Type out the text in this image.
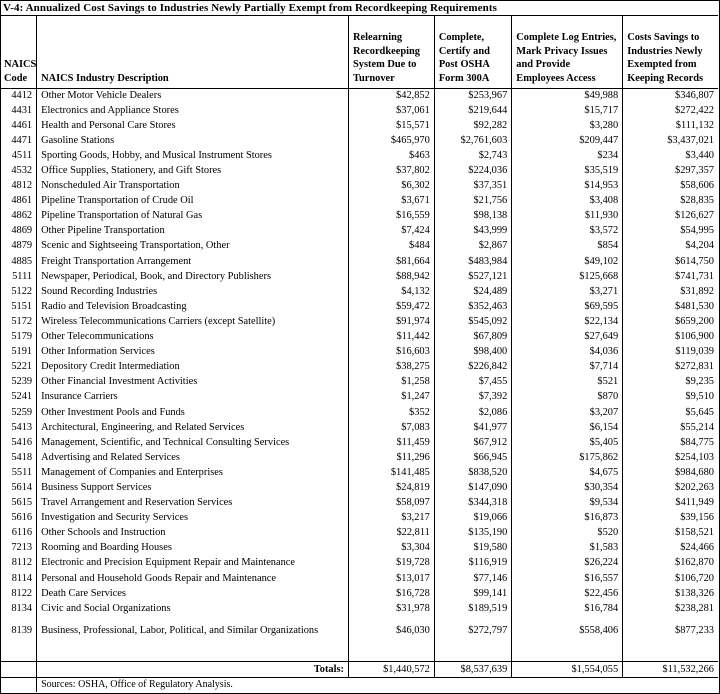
V-4: Annualized Cost Savings to Industries Newly Partially Exempt from Recordkeeping Requirements
NAICS Code	NAICS Industry Description	Relearning Recordkeeping System Due to Turnover	Complete, Certify and Post OSHA Form 300A	Complete Log Entries, Mark Privacy Issues and Provide Employees Access	Costs Savings to Industries Newly Exempted from Keeping Records
4412	Other Motor Vehicle Dealers	$42,852	$253,967	$49,988	$346,807
4431	Electronics and Appliance Stores	$37,061	$219,644	$15,717	$272,422
4461	Health and Personal Care Stores	$15,571	$92,282	$3,280	$111,132
4471	Gasoline Stations	$465,970	$2,761,603	$209,447	$3,437,021
4511	Sporting Goods, Hobby, and Musical Instrument Stores	$463	$2,743	$234	$3,440
4532	Office Supplies, Stationery, and Gift Stores	$37,802	$224,036	$35,519	$297,357
4812	Nonscheduled Air Transportation	$6,302	$37,351	$14,953	$58,606
4861	Pipeline Transportation of Crude Oil	$3,671	$21,756	$3,408	$28,835
4862	Pipeline Transportation of Natural Gas	$16,559	$98,138	$11,930	$126,627
4869	Other Pipeline Transportation	$7,424	$43,999	$3,572	$54,995
4879	Scenic and Sightseeing Transportation, Other	$484	$2,867	$854	$4,204
4885	Freight Transportation Arrangement	$81,664	$483,984	$49,102	$614,750
5111	Newspaper, Periodical, Book, and Directory Publishers	$88,942	$527,121	$125,668	$741,731
5122	Sound Recording Industries	$4,132	$24,489	$3,271	$31,892
5151	Radio and Television Broadcasting	$59,472	$352,463	$69,595	$481,530
5172	Wireless Telecommunications Carriers (except Satellite)	$91,974	$545,092	$22,134	$659,200
5179	Other Telecommunications	$11,442	$67,809	$27,649	$106,900
5191	Other Information Services	$16,603	$98,400	$4,036	$119,039
5221	Depository Credit Intermediation	$38,275	$226,842	$7,714	$272,831
5239	Other Financial Investment Activities	$1,258	$7,455	$521	$9,235
5241	Insurance Carriers	$1,247	$7,392	$870	$9,510
5259	Other Investment Pools and Funds	$352	$2,086	$3,207	$5,645
5413	Architectural, Engineering, and Related Services	$7,083	$41,977	$6,154	$55,214
5416	Management, Scientific, and Technical Consulting Services	$11,459	$67,912	$5,405	$84,775
5418	Advertising and Related Services	$11,296	$66,945	$175,862	$254,103
5511	Management of Companies and Enterprises	$141,485	$838,520	$4,675	$984,680
5614	Business Support Services	$24,819	$147,090	$30,354	$202,263
5615	Travel Arrangement and Reservation Services	$58,097	$344,318	$9,534	$411,949
5616	Investigation and Security Services	$3,217	$19,066	$16,873	$39,156
6116	Other Schools and Instruction	$22,811	$135,190	$520	$158,521
7213	Rooming and Boarding Houses	$3,304	$19,580	$1,583	$24,466
8112	Electronic and Precision Equipment Repair and Maintenance	$19,728	$116,919	$26,224	$162,870
8114	Personal and Household Goods Repair and Maintenance	$13,017	$77,146	$16,557	$106,720
8122	Death Care Services	$16,728	$99,141	$22,456	$138,326
8134	Civic and Social Organizations	$31,978	$189,519	$16,784	$238,281
8139	Business, Professional, Labor, Political, and Similar Organizations	$46,030	$272,797	$558,406	$877,233

	Totals:	$1,440,572	$8,537,639	$1,554,055	$11,532,266
	Sources: OSHA, Office of Regulatory Analysis.				
